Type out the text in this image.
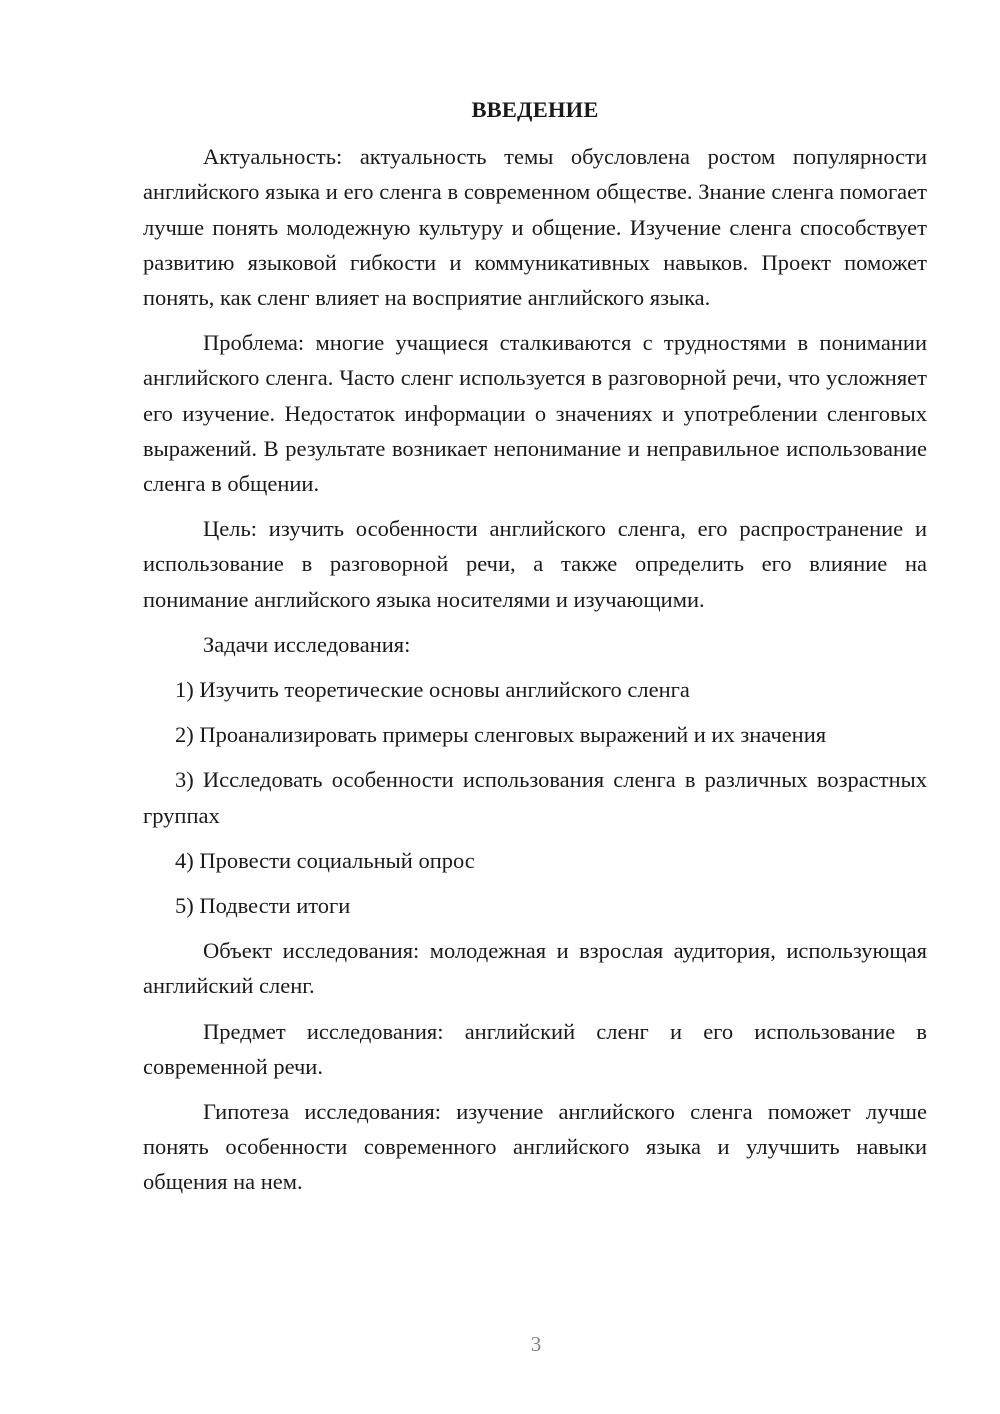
ВВЕДЕНИЕ

Актуальность: актуальность темы обусловлена ростом популярности английского языка и его сленга в современном обществе. Знание сленга помогает лучше понять молодежную культуру и общение. Изучение сленга способствует развитию языковой гибкости и коммуникативных навыков. Проект поможет понять, как сленг влияет на восприятие английского языка.

Проблема: многие учащиеся сталкиваются с трудностями в понимании английского сленга. Часто сленг используется в разговорной речи, что усложняет его изучение. Недостаток информации о значениях и употреблении сленговых выражений. В результате возникает непонимание и неправильное использование сленга в общении.

Цель: изучить особенности английского сленга, его распространение и использование в разговорной речи, а также определить его влияние на понимание английского языка носителями и изучающими.

Задачи исследования:

1) Изучить теоретические основы английского сленга

2) Проанализировать примеры сленговых выражений и их значения

3) Исследовать особенности использования сленга в различных возрастных группах

4) Провести социальный опрос

5) Подвести итоги

Объект исследования: молодежная и взрослая аудитория, использующая английский сленг.

Предмет исследования: английский сленг и его использование в современной речи.

Гипотеза исследования: изучение английского сленга поможет лучше понять особенности современного английского языка и улучшить навыки общения на нем.

3
